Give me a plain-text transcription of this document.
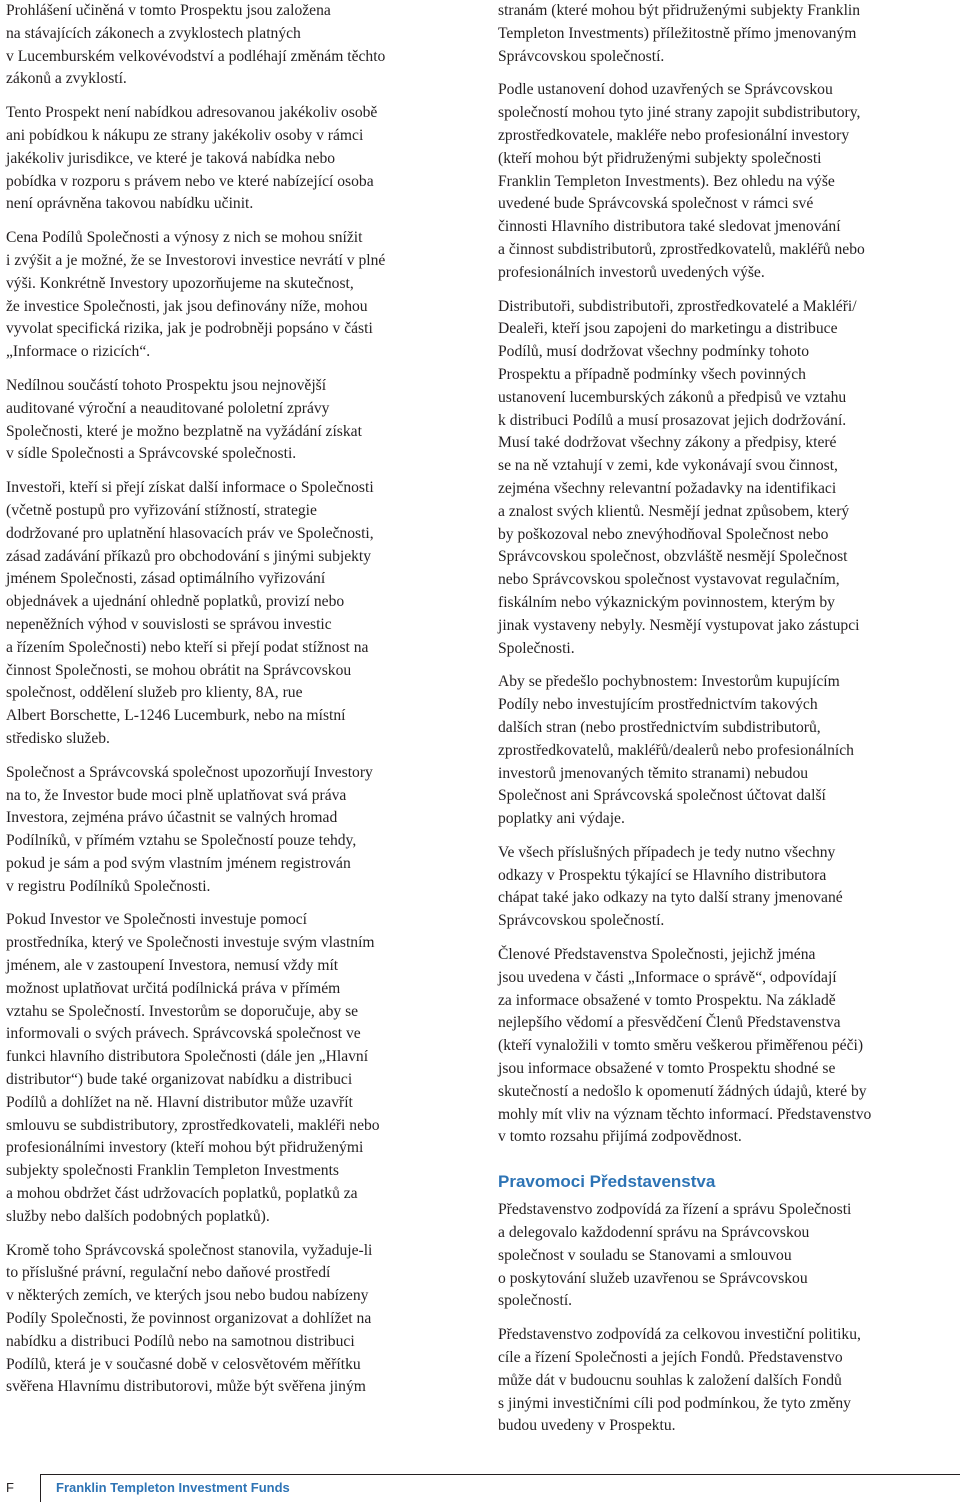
Prohlášení učiněná v tomto Prospektu jsou založena
na stávajících zákonech a zvyklostech platných
v Lucemburském velkovévodství a podléhají změnám těchto
zákonů a zvyklostí.

Tento Prospekt není nabídkou adresovanou jakékoliv osobě
ani pobídkou k nákupu ze strany jakékoliv osoby v rámci
jakékoliv jurisdikce, ve které je taková nabídka nebo
pobídka v rozporu s právem nebo ve které nabízející osoba
není oprávněna takovou nabídku učinit.

Cena Podílů Společnosti a výnosy z nich se mohou snížit
i zvýšit a je možné, že se Investorovi investice nevrátí v plné
výši. Konkrétně Investory upozorňujeme na skutečnost,
že investice Společnosti, jak jsou definovány níže, mohou
vyvolat specifická rizika, jak je podrobněji popsáno v části
„Informace o rizicích“.

Nedílnou součástí tohoto Prospektu jsou nejnovější
auditované výroční a neauditované pololetní zprávy
Společnosti, které je možno bezplatně na vyžádání získat
v sídle Společnosti a Správcovské společnosti.

Investoři, kteří si přejí získat další informace o Společnosti
(včetně postupů pro vyřizování stížností, strategie
dodržované pro uplatnění hlasovacích práv ve Společnosti,
zásad zadávání příkazů pro obchodování s jinými subjekty
jménem Společnosti, zásad optimálního vyřizování
objednávek a ujednání ohledně poplatků, provizí nebo
nepeněžních výhod v souvislosti se správou investic
a řízením Společnosti) nebo kteří si přejí podat stížnost na
činnost Společnosti, se mohou obrátit na Správcovskou
společnost, oddělení služeb pro klienty, 8A, rue
Albert Borschette, L-1246 Lucemburk, nebo na místní
středisko služeb.

Společnost a Správcovská společnost upozorňují Investory
na to, že Investor bude moci plně uplatňovat svá práva
Investora, zejména právo účastnit se valných hromad
Podílníků, v přímém vztahu se Společností pouze tehdy,
pokud je sám a pod svým vlastním jménem registrován
v registru Podílníků Společnosti.

Pokud Investor ve Společnosti investuje pomocí
prostředníka, který ve Společnosti investuje svým vlastním
jménem, ale v zastoupení Investora, nemusí vždy mít
možnost uplatňovat určitá podílnická práva v přímém
vztahu se Společností. Investorům se doporučuje, aby se
informovali o svých právech. Správcovská společnost ve
funkci hlavního distributora Společnosti (dále jen „Hlavní
distributor“) bude také organizovat nabídku a distribuci
Podílů a dohlížet na ně. Hlavní distributor může uzavřít
smlouvu se subdistributory, zprostředkovateli, makléři nebo
profesionálními investory (kteří mohou být přidruženými
subjekty společnosti Franklin Templeton Investments
a mohou obdržet část udržovacích poplatků, poplatků za
služby nebo dalších podobných poplatků).

Kromě toho Správcovská společnost stanovila, vyžaduje-li
to příslušné právní, regulační nebo daňové prostředí
v některých zemích, ve kterých jsou nebo budou nabízeny
Podíly Společnosti, že povinnost organizovat a dohlížet na
nabídku a distribuci Podílů nebo na samotnou distribuci
Podílů, která je v současné době v celosvětovém měřítku
svěřena Hlavnímu distributorovi, může být svěřena jiným

stranám (které mohou být přidruženými subjekty Franklin
Templeton Investments) příležitostně přímo jmenovaným
Správcovskou společností.

Podle ustanovení dohod uzavřených se Správcovskou
společností mohou tyto jiné strany zapojit subdistributory,
zprostředkovatele, makléře nebo profesionální investory
(kteří mohou být přidruženými subjekty společnosti
Franklin Templeton Investments). Bez ohledu na výše
uvedené bude Správcovská společnost v rámci své
činnosti Hlavního distributora také sledovat jmenování
a činnost subdistributorů, zprostředkovatelů, makléřů nebo
profesionálních investorů uvedených výše.

Distributoři, subdistributoři, zprostředkovatelé a Makléři/
Dealeři, kteří jsou zapojeni do marketingu a distribuce
Podílů, musí dodržovat všechny podmínky tohoto
Prospektu a případně podmínky všech povinných
ustanovení lucemburských zákonů a předpisů ve vztahu
k distribuci Podílů a musí prosazovat jejich dodržování.
Musí také dodržovat všechny zákony a předpisy, které
se na ně vztahují v zemi, kde vykonávají svou činnost,
zejména všechny relevantní požadavky na identifikaci
a znalost svých klientů. Nesmějí jednat způsobem, který
by poškozoval nebo znevýhodňoval Společnost nebo
Správcovskou společnost, obzvláště nesmějí Společnost
nebo Správcovskou společnost vystavovat regulačním,
fiskálním nebo výkaznickým povinnostem, kterým by
jinak vystaveny nebyly. Nesmějí vystupovat jako zástupci
Společnosti.

Aby se předešlo pochybnostem: Investorům kupujícím
Podíly nebo investujícím prostřednictvím takových
dalších stran (nebo prostřednictvím subdistributorů,
zprostředkovatelů, makléřů/dealerů nebo profesionálních
investorů jmenovaných těmito stranami) nebudou
Společnost ani Správcovská společnost účtovat další
poplatky ani výdaje.

Ve všech příslušných případech je tedy nutno všechny
odkazy v Prospektu týkající se Hlavního distributora
chápat také jako odkazy na tyto další strany jmenované
Správcovskou společností.

Členové Představenstva Společnosti, jejichž jména
jsou uvedena v části „Informace o správě“, odpovídají
za informace obsažené v tomto Prospektu. Na základě
nejlepšího vědomí a přesvědčení Členů Představenstva
(kteří vynaložili v tomto směru veškerou přiměřenou péči)
jsou informace obsažené v tomto Prospektu shodné se
skutečností a nedošlo k opomenutí žádných údajů, které by
mohly mít vliv na význam těchto informací. Představenstvo
v tomto rozsahu přijímá zodpovědnost.

Pravomoci Představenstva

Představenstvo zodpovídá za řízení a správu Společnosti
a delegovalo každodenní správu na Správcovskou
společnost v souladu se Stanovami a smlouvou
o poskytování služeb uzavřenou se Správcovskou
společností.

Představenstvo zodpovídá za celkovou investiční politiku,
cíle a řízení Společnosti a jejích Fondů. Představenstvo
může dát v budoucnu souhlas k založení dalších Fondů
s jinými investičními cíli pod podmínkou, že tyto změny
budou uvedeny v Prospektu.

F	Franklin Templeton Investment Funds
